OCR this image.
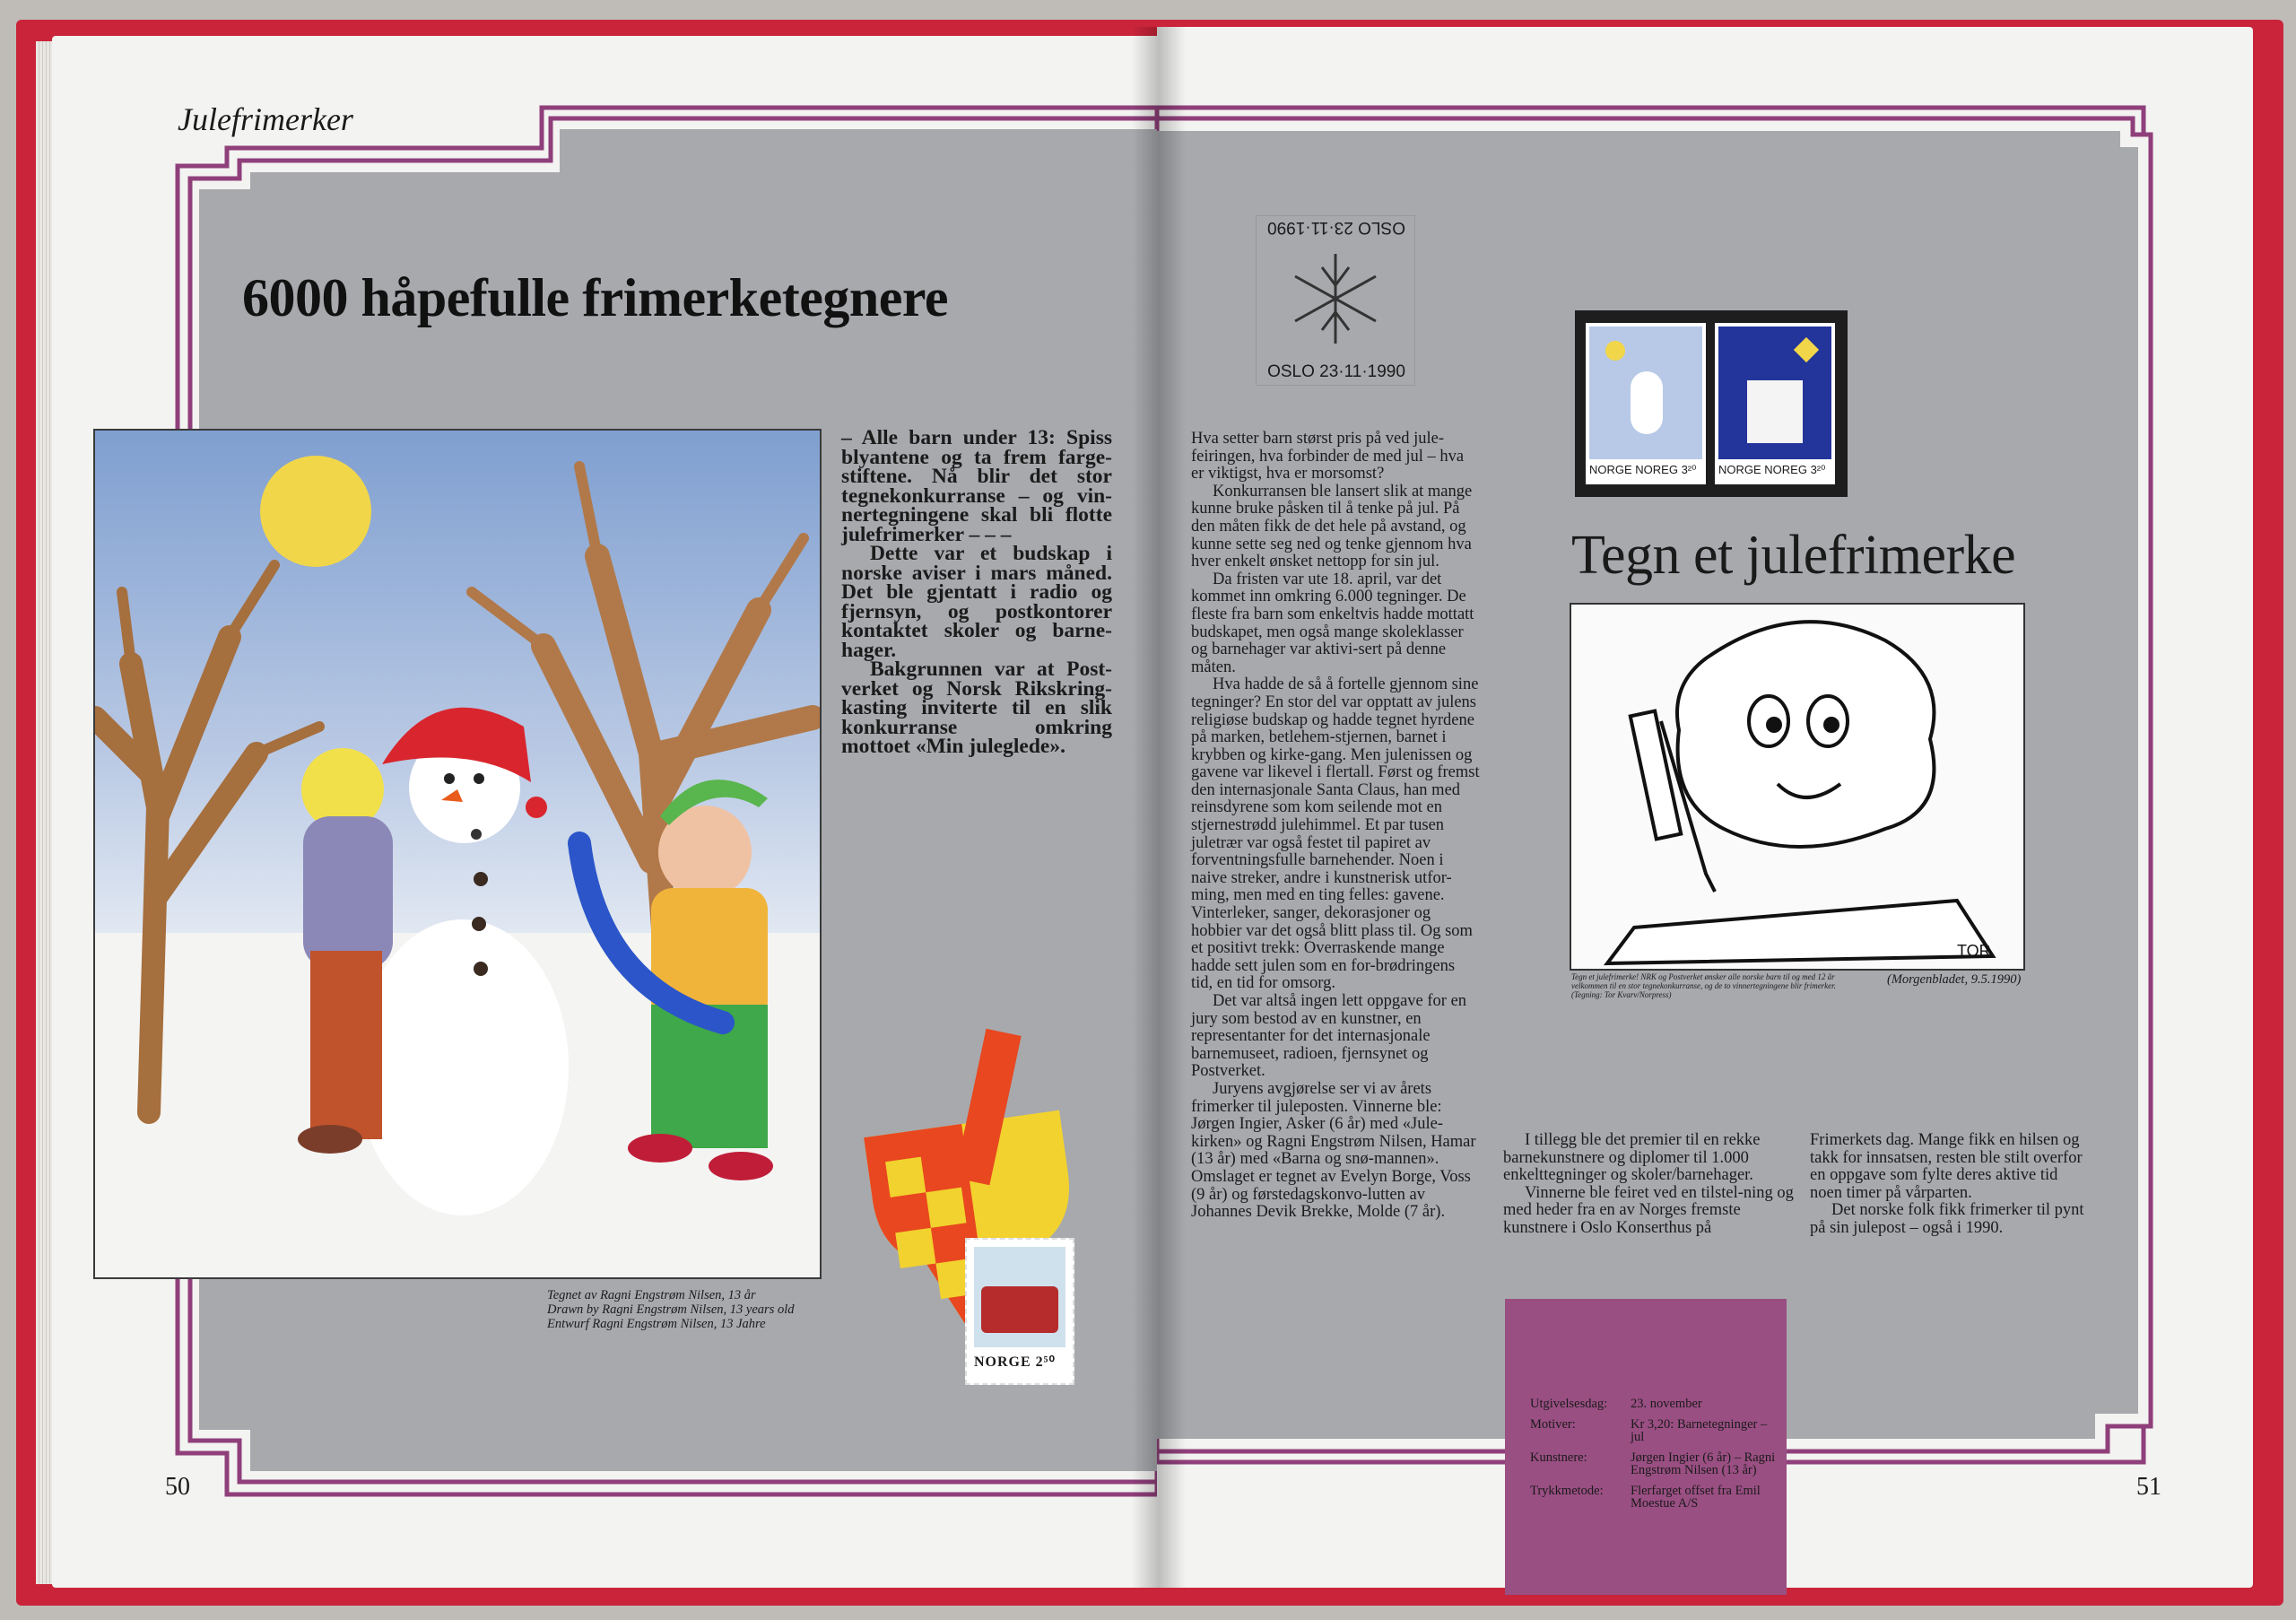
Julefrimerker
6000 håpefulle frimerketegnere

– Alle barn under 13: Spiss blyantene og ta frem farge-stiftene. Nå blir det stor tegnekonkurranse – og vin-nertegningene skal bli flotte julefrimerker – – –

Dette var et budskap i norske aviser i mars måned. Det ble gjentatt i radio og fjernsyn, og postkontorer kontaktet skoler og barne-hager.

Bakgrunnen var at Post-verket og Norsk Rikskring-kasting inviterte til en slik konkurranse omkring mottoet «Min juleglede».

Tegnet av Ragni Engstrøm Nilsen, 13 år
Drawn by Ragni Engstrøm Nilsen, 13 years old
Entwurf Ragni Engstrøm Nilsen, 13 Jahre
NORGE 2⁵⁰
50
OSLO 23·11·1990
OSLO 23·11·1990
NORGE NOREG 3²⁰ NORGE NOREG 3²⁰
Tegn et julefrimerke
TOR
Tegn et julefrimerke! NRK og Postverket ønsker alle norske barn til og med 12 år velkommen til en stor tegnekonkurranse, og de to vinnertegningene blir frimerker. (Tegning: Tor Kvarv/Norpress)
(Morgenbladet, 9.5.1990)

Hva setter barn størst pris på ved jule-feiringen, hva forbinder de med jul – hva er viktigst, hva er morsomst?

Konkurransen ble lansert slik at mange kunne bruke påsken til å tenke på jul. På den måten fikk de det hele på avstand, og kunne sette seg ned og tenke gjennom hva hver enkelt ønsket nettopp for sin jul.

Da fristen var ute 18. april, var det kommet inn omkring 6.000 tegninger. De fleste fra barn som enkeltvis hadde mottatt budskapet, men også mange skoleklasser og barnehager var aktivi-sert på denne måten.

Hva hadde de så å fortelle gjennom sine tegninger? En stor del var opptatt av julens religiøse budskap og hadde tegnet hyrdene på marken, betlehem-stjernen, barnet i krybben og kirke-gang. Men julenissen og gavene var likevel i flertall. Først og fremst den internasjonale Santa Claus, han med reinsdyrene som kom seilende mot en stjernestrødd julehimmel. Et par tusen juletrær var også festet til papiret av forventningsfulle barnehender. Noen i naive streker, andre i kunstnerisk utfor-ming, men med en ting felles: gavene. Vinterleker, sanger, dekorasjoner og hobbier var det også blitt plass til. Og som et positivt trekk: Overraskende mange hadde sett julen som en for-brødringens tid, en tid for omsorg.

Det var altså ingen lett oppgave for en jury som bestod av en kunstner, en representanter for det internasjonale barnemuseet, radioen, fjernsynet og Postverket.

Juryens avgjørelse ser vi av årets frimerker til juleposten. Vinnerne ble: Jørgen Ingier, Asker (6 år) med «Jule-kirken» og Ragni Engstrøm Nilsen, Hamar (13 år) med «Barna og snø-mannen». Omslaget er tegnet av Evelyn Borge, Voss (9 år) og førstedagskonvo-lutten av Johannes Devik Brekke, Molde (7 år).

I tillegg ble det premier til en rekke barnekunstnere og diplomer til 1.000 enkelttegninger og skoler/barnehager.

Vinnerne ble feiret ved en tilstel-ning og med heder fra en av Norges fremste kunstnere i Oslo Konserthus på

Frimerkets dag. Mange fikk en hilsen og takk for innsatsen, resten ble stilt overfor en oppgave som fylte deres aktive tid noen timer på vårparten.

Det norske folk fikk frimerker til pynt på sin julepost – også i 1990.

Utgivelsesdag:	23. november
Motiver:	Kr 3,20: Barnetegninger – jul
Kunstnere:	Jørgen Ingier (6 år) – Ragni Engstrøm Nilsen (13 år)
Trykkmetode:	Flerfarget offset fra Emil Moestue A/S
51
